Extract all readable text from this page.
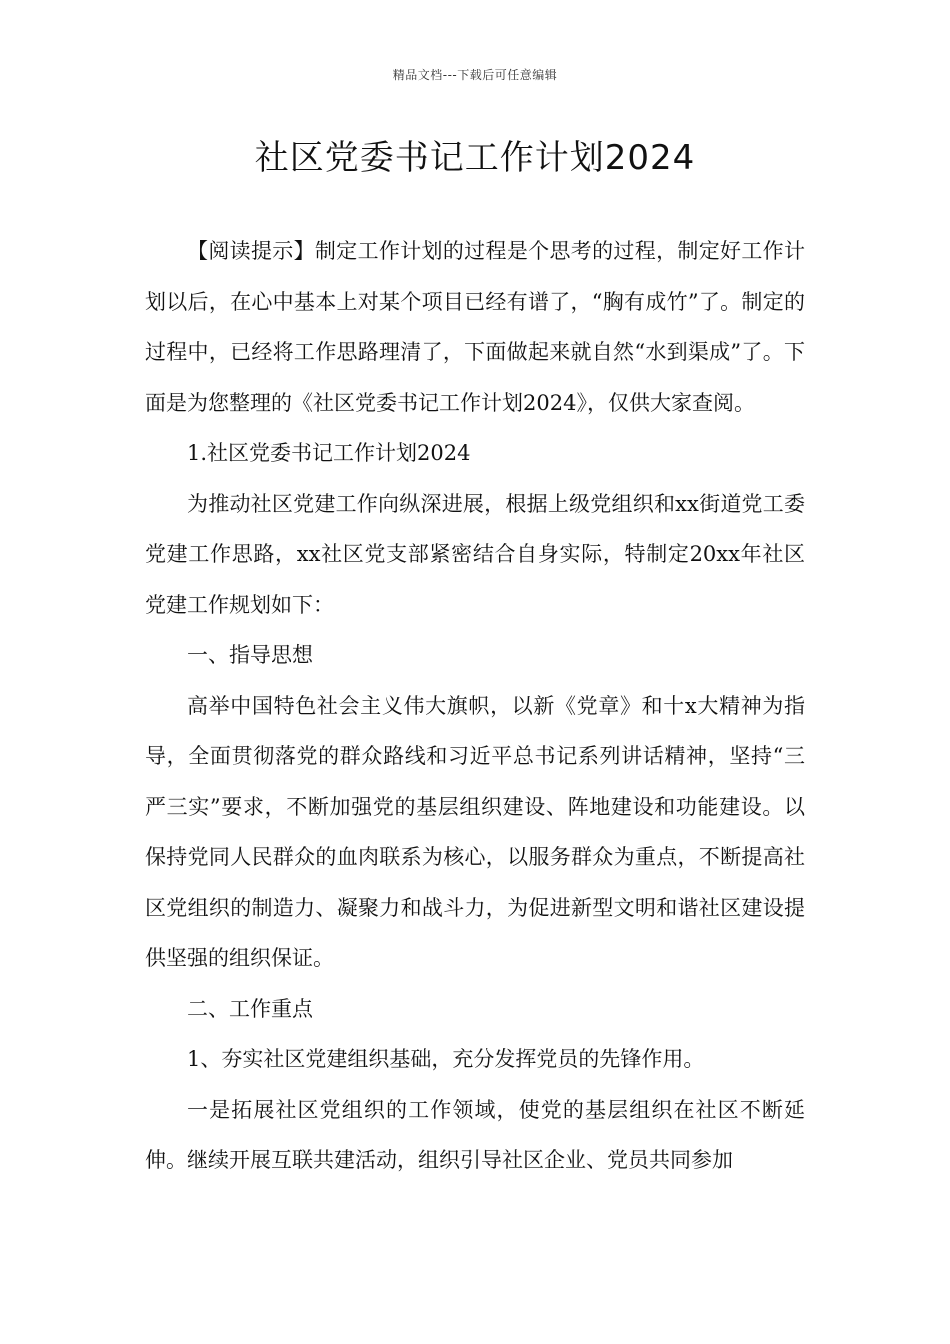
精品文档---下载后可任意编辑
社区党委书记工作计划2024

【阅读提示】制定工作计划的过程是个思考的过程，制定好工作计划以后，在心中基本上对某个项目已经有谱了，“胸有成竹”了。制定的过程中，已经将工作思路理清了，下面做起来就自然“水到渠成”了。下面是为您整理的《社区党委书记工作计划2024》，仅供大家查阅。

1.社区党委书记工作计划2024

为推动社区党建工作向纵深进展，根据上级党组织和xx街道党工委党建工作思路，xx社区党支部紧密结合自身实际，特制定20xx年社区党建工作规划如下：

一、指导思想

高举中国特色社会主义伟大旗帜，以新《党章》和十x大精神为指导，全面贯彻落党的群众路线和习近平总书记系列讲话精神，坚持“三严三实”要求，不断加强党的基层组织建设、阵地建设和功能建设。以保持党同人民群众的血肉联系为核心，以服务群众为重点，不断提高社区党组织的制造力、凝聚力和战斗力，为促进新型文明和谐社区建设提供坚强的组织保证。

二、工作重点

1、夯实社区党建组织基础，充分发挥党员的先锋作用。

一是拓展社区党组织的工作领域，使党的基层组织在社区不断延伸。继续开展互联共建活动，组织引导社区企业、党员共同参加
